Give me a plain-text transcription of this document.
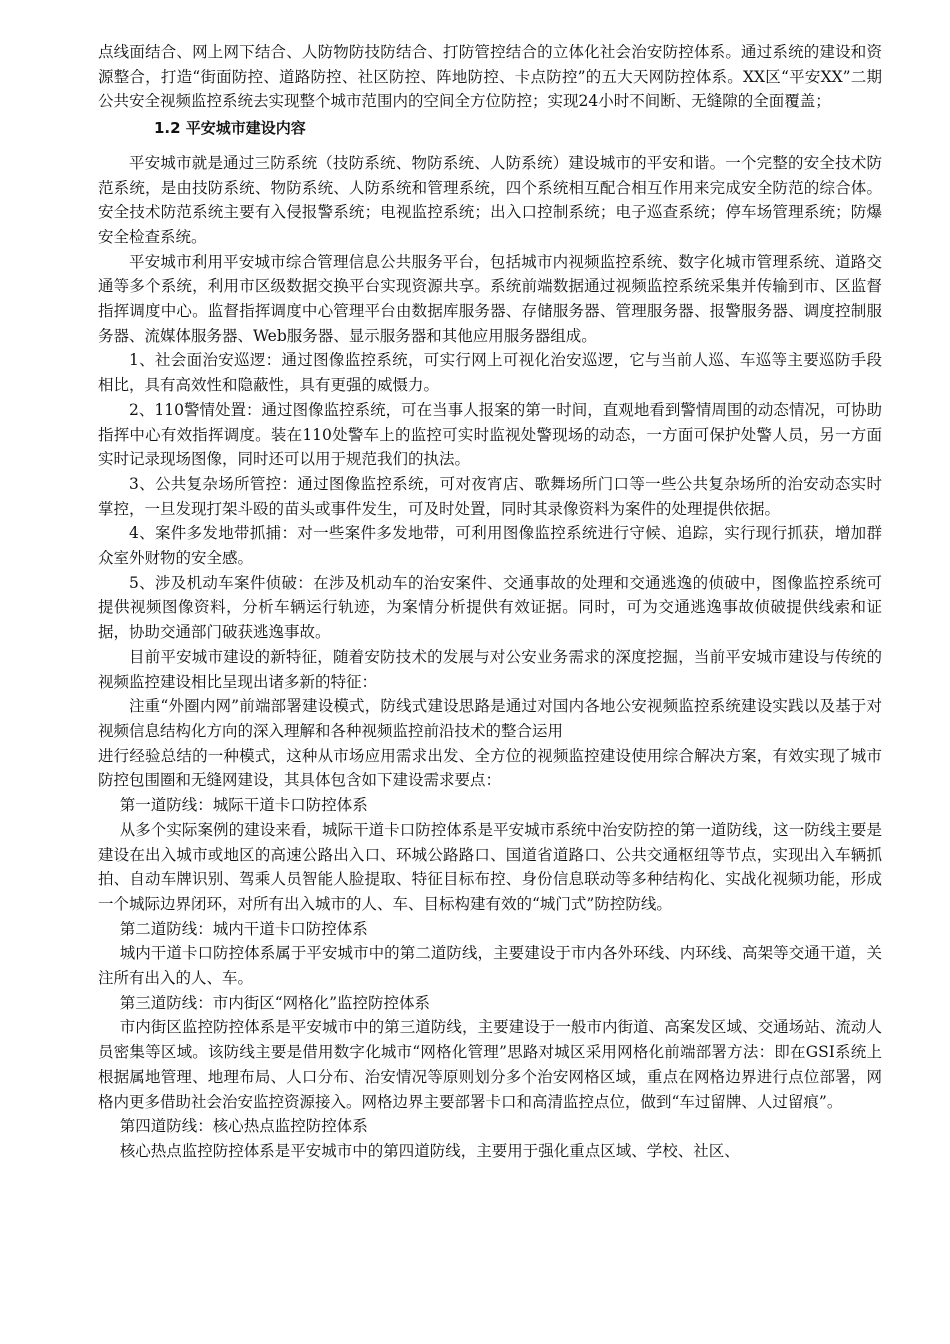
点线面结合、网上网下结合、人防物防技防结合、打防管控结合的立体化社会治安防控体系。通过系统的建设和资源整合，打造“街面防控、道路防控、社区防控、阵地防控、卡点防控”的五大天网防控体系。XX区“平安XX”二期公共安全视频监控系统去实现整个城市范围内的空间全方位防控；实现24小时不间断、无缝隙的全面覆盖；

1.2 平安城市建设内容

平安城市就是通过三防系统（技防系统、物防系统、人防系统）建设城市的平安和谐。一个完整的安全技术防范系统，是由技防系统、物防系统、人防系统和管理系统，四个系统相互配合相互作用来完成安全防范的综合体。安全技术防范系统主要有入侵报警系统；电视监控系统；出入口控制系统；电子巡查系统；停车场管理系统；防爆安全检查系统。

平安城市利用平安城市综合管理信息公共服务平台，包括城市内视频监控系统、数字化城市管理系统、道路交通等多个系统，利用市区级数据交换平台实现资源共享。系统前端数据通过视频监控系统采集并传输到市、区监督指挥调度中心。监督指挥调度中心管理平台由数据库服务器、存储服务器、管理服务器、报警服务器、调度控制服务器、流媒体服务器、Web服务器、显示服务器和其他应用服务器组成。

1、社会面治安巡逻：通过图像监控系统，可实行网上可视化治安巡逻，它与当前人巡、车巡等主要巡防手段相比，具有高效性和隐蔽性，具有更强的威慑力。

2、110警情处置：通过图像监控系统，可在当事人报案的第一时间，直观地看到警情周围的动态情况，可协助指挥中心有效指挥调度。装在110处警车上的监控可实时监视处警现场的动态，一方面可保护处警人员，另一方面实时记录现场图像，同时还可以用于规范我们的执法。

3、公共复杂场所管控：通过图像监控系统，可对夜宵店、歌舞场所门口等一些公共复杂场所的治安动态实时掌控，一旦发现打架斗殴的苗头或事件发生，可及时处置，同时其录像资料为案件的处理提供依据。

4、案件多发地带抓捕：对一些案件多发地带，可利用图像监控系统进行守候、追踪，实行现行抓获，增加群众室外财物的安全感。

5、涉及机动车案件侦破：在涉及机动车的治安案件、交通事故的处理和交通逃逸的侦破中，图像监控系统可提供视频图像资料，分析车辆运行轨迹，为案情分析提供有效证据。同时，可为交通逃逸事故侦破提供线索和证据，协助交通部门破获逃逸事故。

目前平安城市建设的新特征，随着安防技术的发展与对公安业务需求的深度挖掘，当前平安城市建设与传统的视频监控建设相比呈现出诸多新的特征：

注重“外圈内网”前端部署建设模式，防线式建设思路是通过对国内各地公安视频监控系统建设实践以及基于对视频信息结构化方向的深入理解和各种视频监控前沿技术的整合运用

进行经验总结的一种模式，这种从市场应用需求出发、全方位的视频监控建设使用综合解决方案，有效实现了城市防控包围圈和无缝网建设，其具体包含如下建设需求要点：

第一道防线：城际干道卡口防控体系

从多个实际案例的建设来看，城际干道卡口防控体系是平安城市系统中治安防控的第一道防线，这一防线主要是建设在出入城市或地区的高速公路出入口、环城公路路口、国道省道路口、公共交通枢纽等节点，实现出入车辆抓拍、自动车牌识别、驾乘人员智能人脸提取、特征目标布控、身份信息联动等多种结构化、实战化视频功能，形成一个城际边界闭环，对所有出入城市的人、车、目标构建有效的“城门式”防控防线。

第二道防线：城内干道卡口防控体系

城内干道卡口防控体系属于平安城市中的第二道防线，主要建设于市内各外环线、内环线、高架等交通干道，关注所有出入的人、车。

第三道防线：市内街区“网格化”监控防控体系

市内街区监控防控体系是平安城市中的第三道防线，主要建设于一般市内街道、高案发区域、交通场站、流动人员密集等区域。该防线主要是借用数字化城市“网格化管理”思路对城区采用网格化前端部署方法：即在GSI系统上根据属地管理、地理布局、人口分布、治安情况等原则划分多个治安网格区域，重点在网格边界进行点位部署，网格内更多借助社会治安监控资源接入。网格边界主要部署卡口和高清监控点位，做到“车过留牌、人过留痕”。

第四道防线：核心热点监控防控体系

核心热点监控防控体系是平安城市中的第四道防线，主要用于强化重点区域、学校、社区、
